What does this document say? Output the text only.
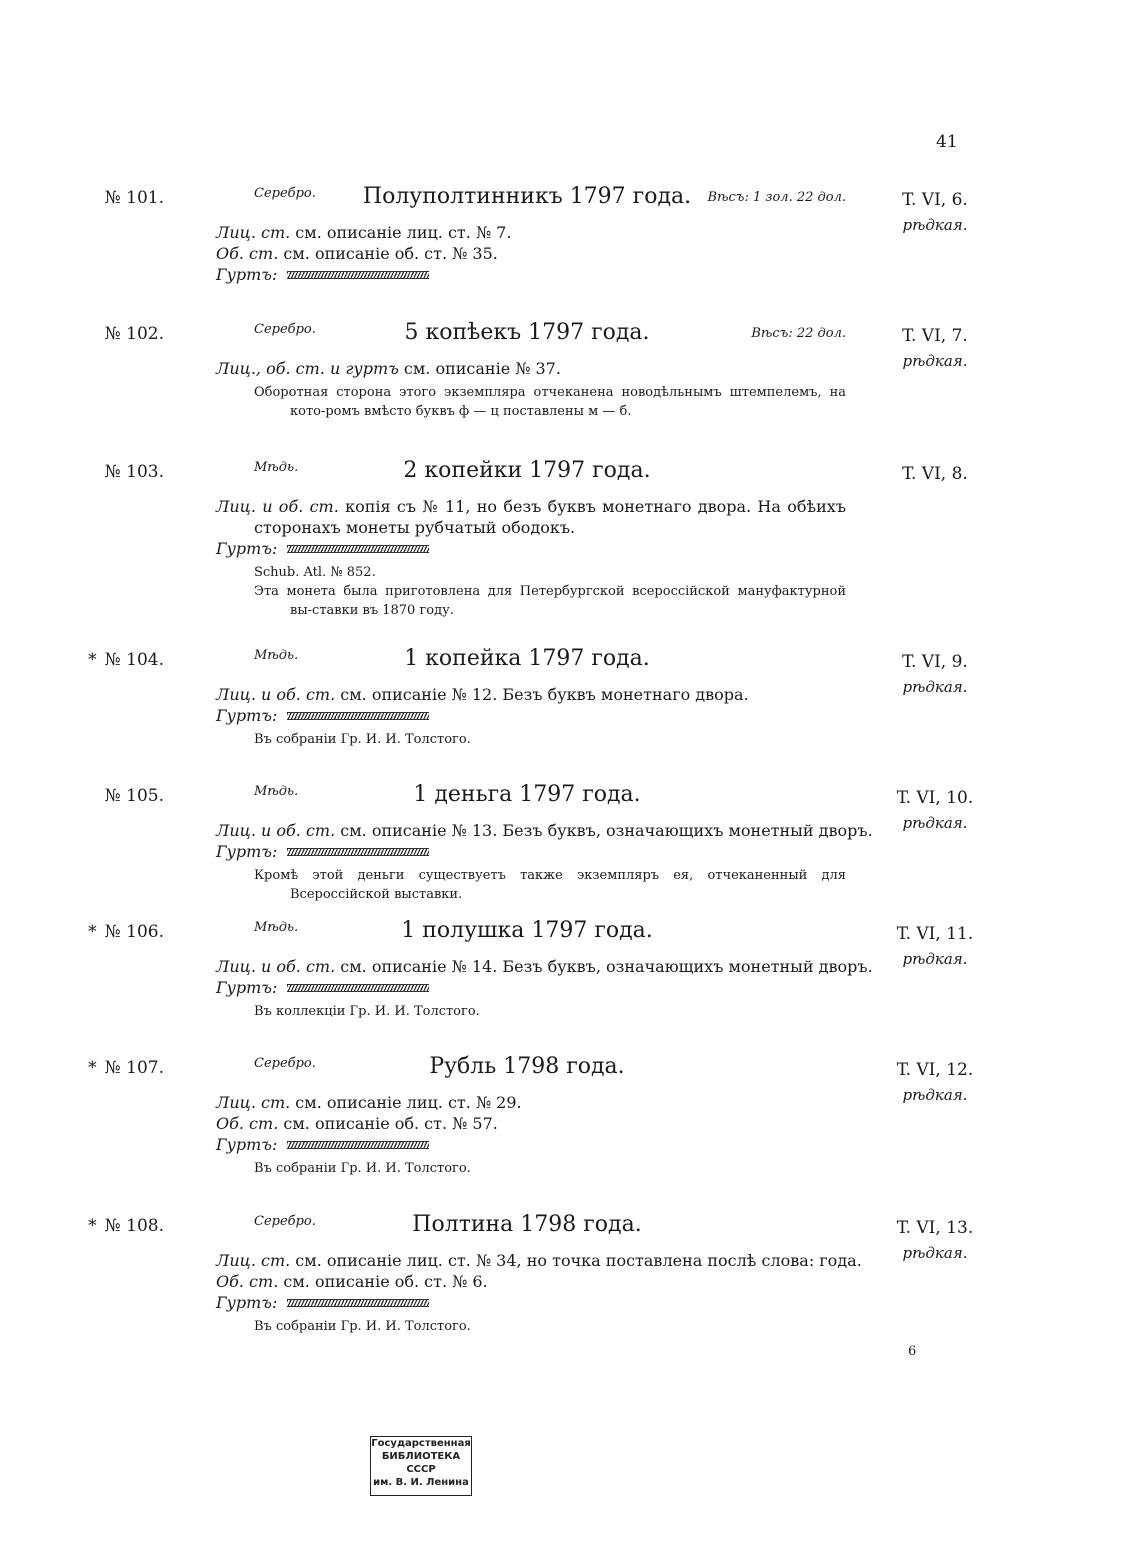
41
№ 101.	Серебро.	Полуполтинникъ 1797 года.	Вѣсъ: 1 зол. 22 дол.	T. VI, 6.
рѣдкая.
Лиц. ст. см. описаніе лиц. ст. № 7.
Об. ст. см. описаніе об. ст. № 35.
Гуртъ:
№ 102.	Серебро.	5 копѣекъ 1797 года.	Вѣсъ: 22 дол.	T. VI, 7.
рѣдкая.
Лиц., об. ст. и гуртъ см. описаніе № 37.
Оборотная сторона этого экземпляра отчеканена новодѣльнымъ штемпелемъ, на кото-ромъ вмѣсто буквъ ф — ц поставлены м — б.
№ 103.	Мѣдь.	2 копейки 1797 года.	T. VI, 8.
Лиц. и об. ст. копія съ № 11, но безъ буквъ монетнаго двора. На обѣихъ сторонахъ монеты рубчатый ободокъ.
Гуртъ:
Schub. Atl. № 852.
Эта монета была приготовлена для Петербургской всероссійской мануфактурной вы-ставки въ 1870 году.
* № 104.	Мѣдь.	1 копейка 1797 года.	T. VI, 9.
рѣдкая.
Лиц. и об. ст. см. описаніе № 12. Безъ буквъ монетнаго двора.
Гуртъ:
Въ собраніи Гр. И. И. Толстого.
№ 105.	Мѣдь.	1 деньга 1797 года.	T. VI, 10.
рѣдкая.
Лиц. и об. ст. см. описаніе № 13. Безъ буквъ, означающихъ монетный дворъ.
Гуртъ:
Кромѣ этой деньги существуетъ также экземпляръ ея, отчеканенный для Всероссійской выставки.
* № 106.	Мѣдь.	1 полушка 1797 года.	T. VI, 11.
рѣдкая.
Лиц. и об. ст. см. описаніе № 14. Безъ буквъ, означающихъ монетный дворъ.
Гуртъ:
Въ коллекціи Гр. И. И. Толстого.
* № 107.	Серебро.	Рубль 1798 года.	T. VI, 12.
рѣдкая.
Лиц. ст. см. описаніе лиц. ст. № 29.
Об. ст. см. описаніе об. ст. № 57.
Гуртъ:
Въ собраніи Гр. И. И. Толстого.
* № 108.	Серебро.	Полтина 1798 года.	T. VI, 13.
рѣдкая.
Лиц. ст. см. описаніе лиц. ст. № 34, но точка поставлена послѣ слова: года.
Об. ст. см. описаніе об. ст. № 6.
Гуртъ:
Въ собраніи Гр. И. И. Толстого.
6
Государственная
БИБЛИОТЕКА
СССР
им. В. И. Ленина
